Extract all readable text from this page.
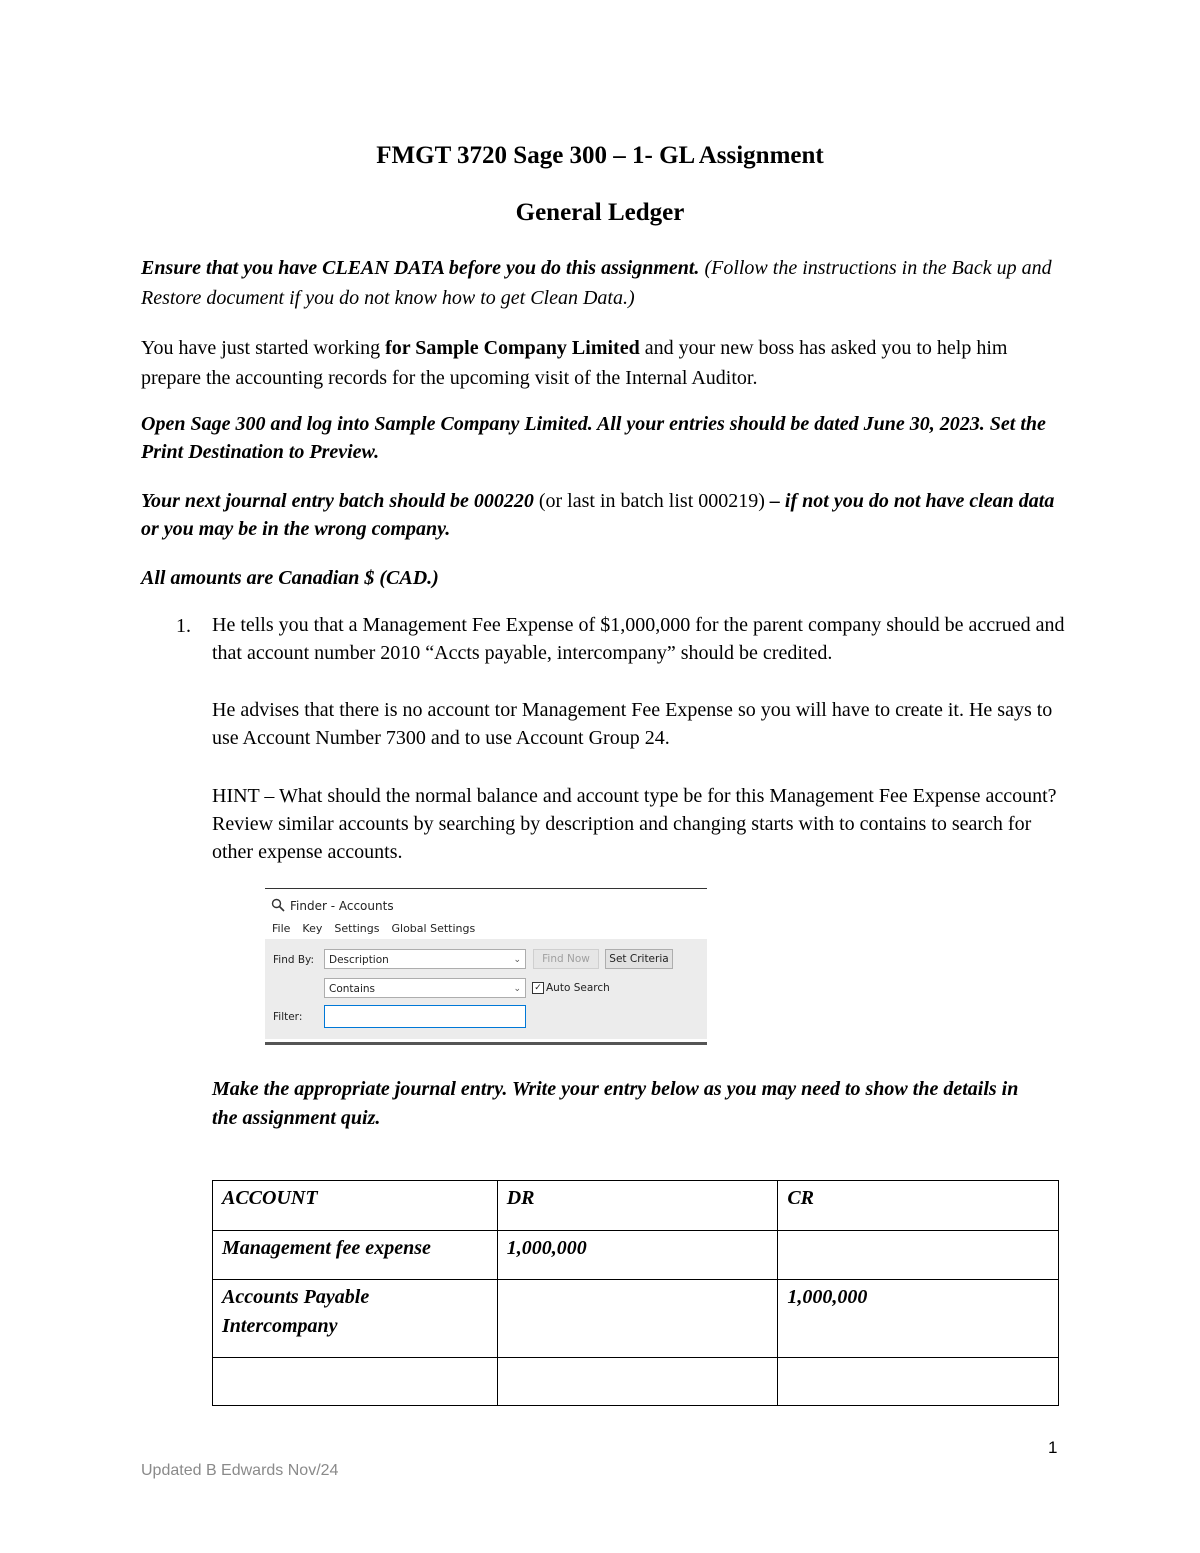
FMGT 3720 Sage 300 – 1- GL Assignment
General Ledger

Ensure that you have CLEAN DATA before you do this assignment. (Follow the instructions in the Back up and Restore document if you do not know how to get Clean Data.)

You have just started working for Sample Company Limited and your new boss has asked you to help him prepare the accounting records for the upcoming visit of the Internal Auditor.

Open Sage 300 and log into Sample Company Limited. All your entries should be dated June 30, 2023. Set the Print Destination to Preview.

Your next journal entry batch should be 000220 (or last in batch list 000219) – if not you do not have clean data or you may be in the wrong company.

All amounts are Canadian $ (CAD.)

1. He tells you that a Management Fee Expense of $1,000,000 for the parent company should be accrued and that account number 2010 “Accts payable, intercompany” should be credited.

He advises that there is no account tor Management Fee Expense so you will have to create it. He says to use Account Number 7300 and to use Account Group 24.

HINT – What should the normal balance and account type be for this Management Fee Expense account? Review similar accounts by searching by description and changing starts with to contains to search for other expense accounts.

Finder - Accounts
File Key Settings Global Settings
Find By:	Description	⌄	Find Now	Set Criteria
Contains	⌄ ✓ Auto Search
Filter:

Make the appropriate journal entry. Write your entry below as you may need to show the details in the assignment quiz.

ACCOUNT	DR	CR
Management fee expense	1,000,000	
Accounts Payable Intercompany		1,000,000

1
Updated B Edwards Nov/24
